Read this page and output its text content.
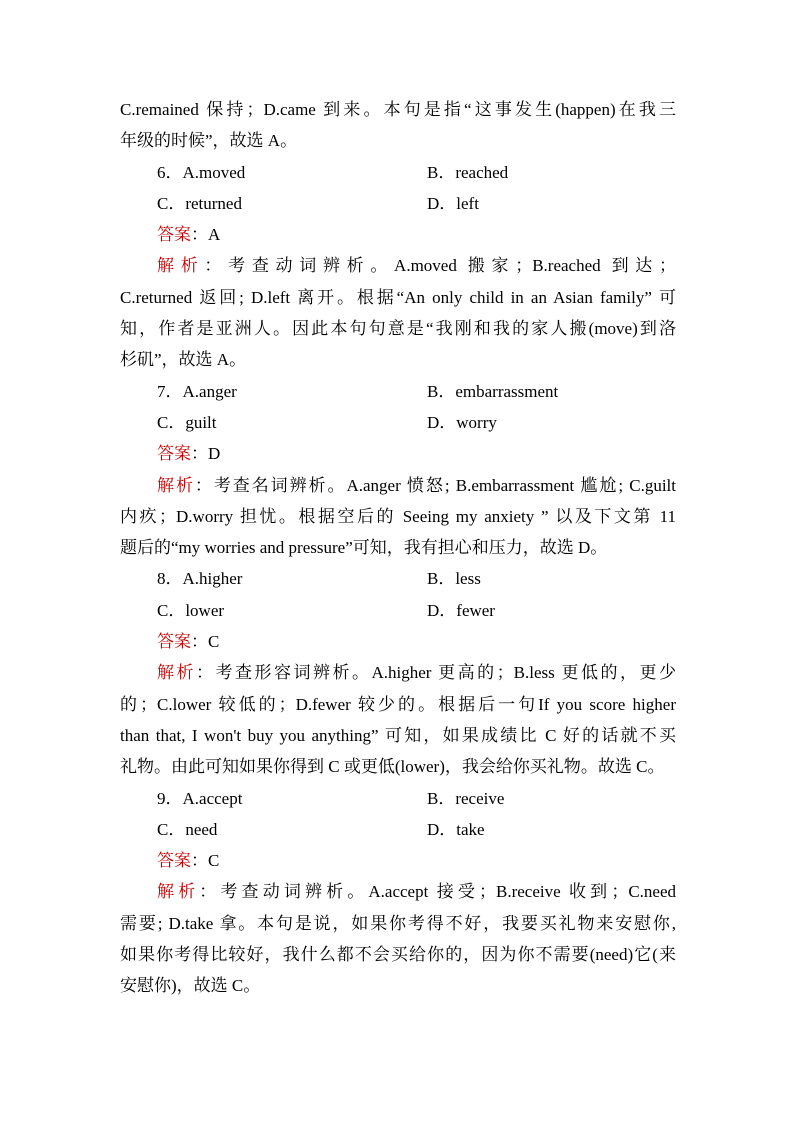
C.remained 保持；D.came 到来。本句是指“这事发生(happen)在我三
年级的时候”，故选 A。
6．A.moved	B．reached
C．returned	D．left
答案：A
解析：考查动词辨析。A.moved 搬家；B.reached 到达；
C.returned 返回; D.left 离开。根据“An only child in an Asian family” 可
知，作者是亚洲人。因此本句句意是“我刚和我的家人搬(move)到洛
杉矶”，故选 A。
7．A.anger	B．embarrassment
C．guilt	D．worry
答案：D
解析：考查名词辨析。A.anger 愤怒; B.embarrassment 尴尬; C.guilt
内疚；D.worry 担忧。根据空后的 Seeing my anxiety ” 以及下文第 11
题后的“my worries and pressure”可知，我有担心和压力，故选 D。
8．A.higher	B．less
C．lower	D．fewer
答案：C
解析：考查形容词辨析。A.higher 更高的；B.less 更低的，更少
的；C.lower 较低的；D.fewer 较少的。根据后一句If you score higher
than that, I won't buy you anything” 可知，如果成绩比 C 好的话就不买
礼物。由此可知如果你得到 C 或更低(lower)，我会给你买礼物。故选 C。
9．A.accept	B．receive
C．need	D．take
答案：C
解析：考查动词辨析。A.accept 接受；B.receive 收到；C.need
需要; D.take 拿。本句是说，如果你考得不好，我要买礼物来安慰你,
如果你考得比较好，我什么都不会买给你的，因为你不需要(need)它(来
安慰你)，故选 C。
